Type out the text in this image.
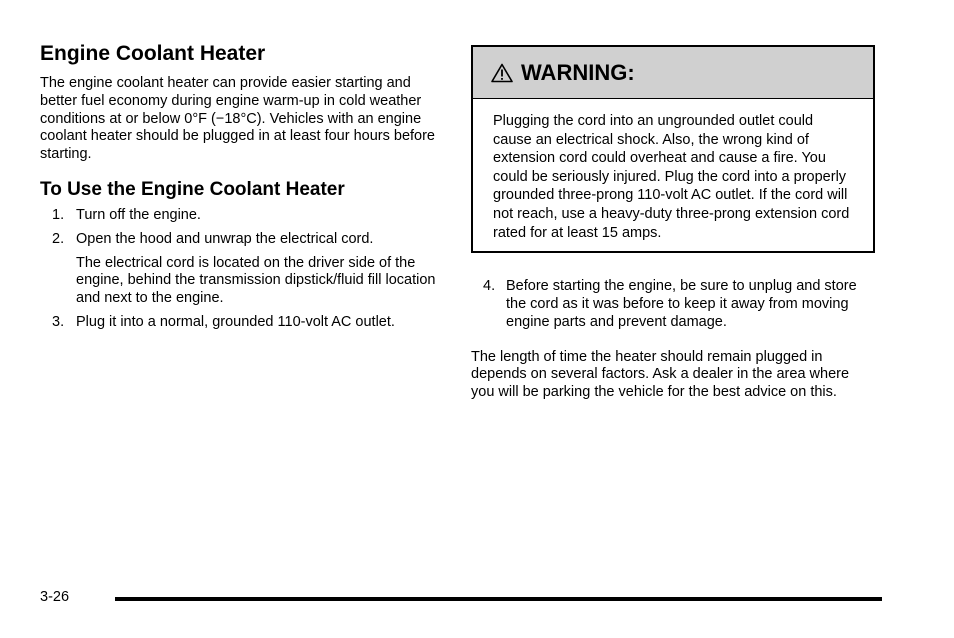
Engine Coolant Heater

The engine coolant heater can provide easier starting and better fuel economy during engine warm-up in cold weather conditions at or below 0°F (−18°C). Vehicles with an engine coolant heater should be plugged in at least four hours before starting.

To Use the Engine Coolant Heater
1. Turn off the engine.
2. Open the hood and unwrap the electrical cord.

The electrical cord is located on the driver side of the engine, behind the transmission dipstick/fluid fill location and next to the engine.

3. Plug it into a normal, grounded 110-volt AC outlet.
WARNING:
Plugging the cord into an ungrounded outlet could cause an electrical shock. Also, the wrong kind of extension cord could overheat and cause a fire. You could be seriously injured. Plug the cord into a properly grounded three-prong 110-volt AC outlet. If the cord will not reach, use a heavy-duty three-prong extension cord rated for at least 15 amps.
4. Before starting the engine, be sure to unplug and store the cord as it was before to keep it away from moving engine parts and prevent damage.

The length of time the heater should remain plugged in depends on several factors. Ask a dealer in the area where you will be parking the vehicle for the best advice on this.

3-26
